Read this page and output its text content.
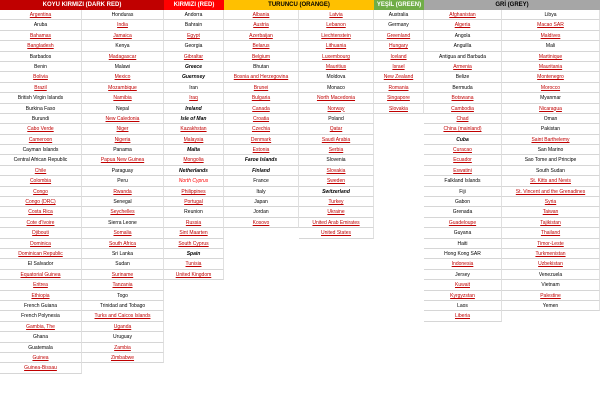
KOYU KIRMIZI (DARK RED)
Argentina
Aruba
Bahamas
Bangladesh
Barbados
Benin
Bolivia
Brazil
British Virgin Islands
Burkina Faso
Burundi
Cabo Verde
Cameroon
Cayman Islands
Central African Republic
Chile
Colombia
Congo
Congo (DRC)
Costa Rica
Cote d'Ivoire
Djibouti
Dominica
Dominican Republic
El Salvador
Equatorial Guinea
Eritrea
Ethiopia
French Guiana
French Polynesia
Gambia, The
Ghana
Guatemala
Guinea
Guinea-Bissau
Honduras
India
Jamaica
Kenya
Madagascar
Malawi
Mexico
Mozambique
Namibia
Nepal
New Caledonia
Niger
Nigeria
Panama
Papua New Guinea
Paraguay
Peru
Rwanda
Senegal
Seychelles
Sierra Leone
Somalia
South Africa
Sri Lanka
Sudan
Suriname
Tanzania
Togo
Trinidad and Tobago
Turks and Caicos Islands
Uganda
Uruguay
Zambia
Zimbabwe
KIRMIZI (RED)
Andorra
Bahrain
Egypt
Georgia
Gibraltar
Greece
Guernsey
Iran
Iraq
Ireland
Isle of Man
Kazakhstan
Malaysia
Malta
Mongolia
Netherlands
North Cyprus
Philippines
Portugal
Reunion
Russia
Sint Maarten
South Cyprus
Spain
Tunisia
United Kingdom
TURUNCU (ORANGE)
Albania
Austria
Azerbaijan
Belarus
Belgium
Bhutan
Bosnia and Herzegovina
Brunei
Bulgaria
Canada
Croatia
Czechia
Denmark
Estonia
Faroe Islands
Finland
France
Italy
Japan
Jordan
Kosovo
Latvia
Lebanon
Liechtenstein
Lithuania
Luxembourg
Mauritius
Moldova
Monaco
North Macedonia
Norway
Poland
Qatar
Saudi Arabia
Serbia
Slovenia
Slovakia
Sweden
Switzerland
Turkey
Ukraine
United Arab Emirates
United States
YEŞİL (GREEN)
Australia
Germany
Greenland
Hungary
Iceland
Israel
New Zealand
Romania
Singapore
Slovakia
GRİ (GREY)
Afghanistan
Algeria
Angola
Anguilla
Antigua and Barbuda
Armenia
Belize
Bermuda
Botswana
Cambodia
Chad
China (mainland)
Cuba
Curacao
Ecuador
Eswatini
Falkland Islands
Fiji
Gabon
Grenada
Guadeloupe
Guyana
Haiti
Hong Kong SAR
Indonesia
Jersey
Kuwait
Kyrgyzstan
Laos
Liberia
Libya
Macao SAR
Maldives
Mali
Martinique
Mauritania
Montenegro
Morocco
Myanmar
Nicaragua
Oman
Pakistan
Saint Barthelemy
San Marino
Sao Tome and Principe
South Sudan
St. Kitts and Nevis
St. Vincent and the Grenadines
Syria
Taiwan
Tajikistan
Thailand
Timor-Leste
Turkmenistan
Uzbekistan
Venezuela
Vietnam
Palestine
Yemen
